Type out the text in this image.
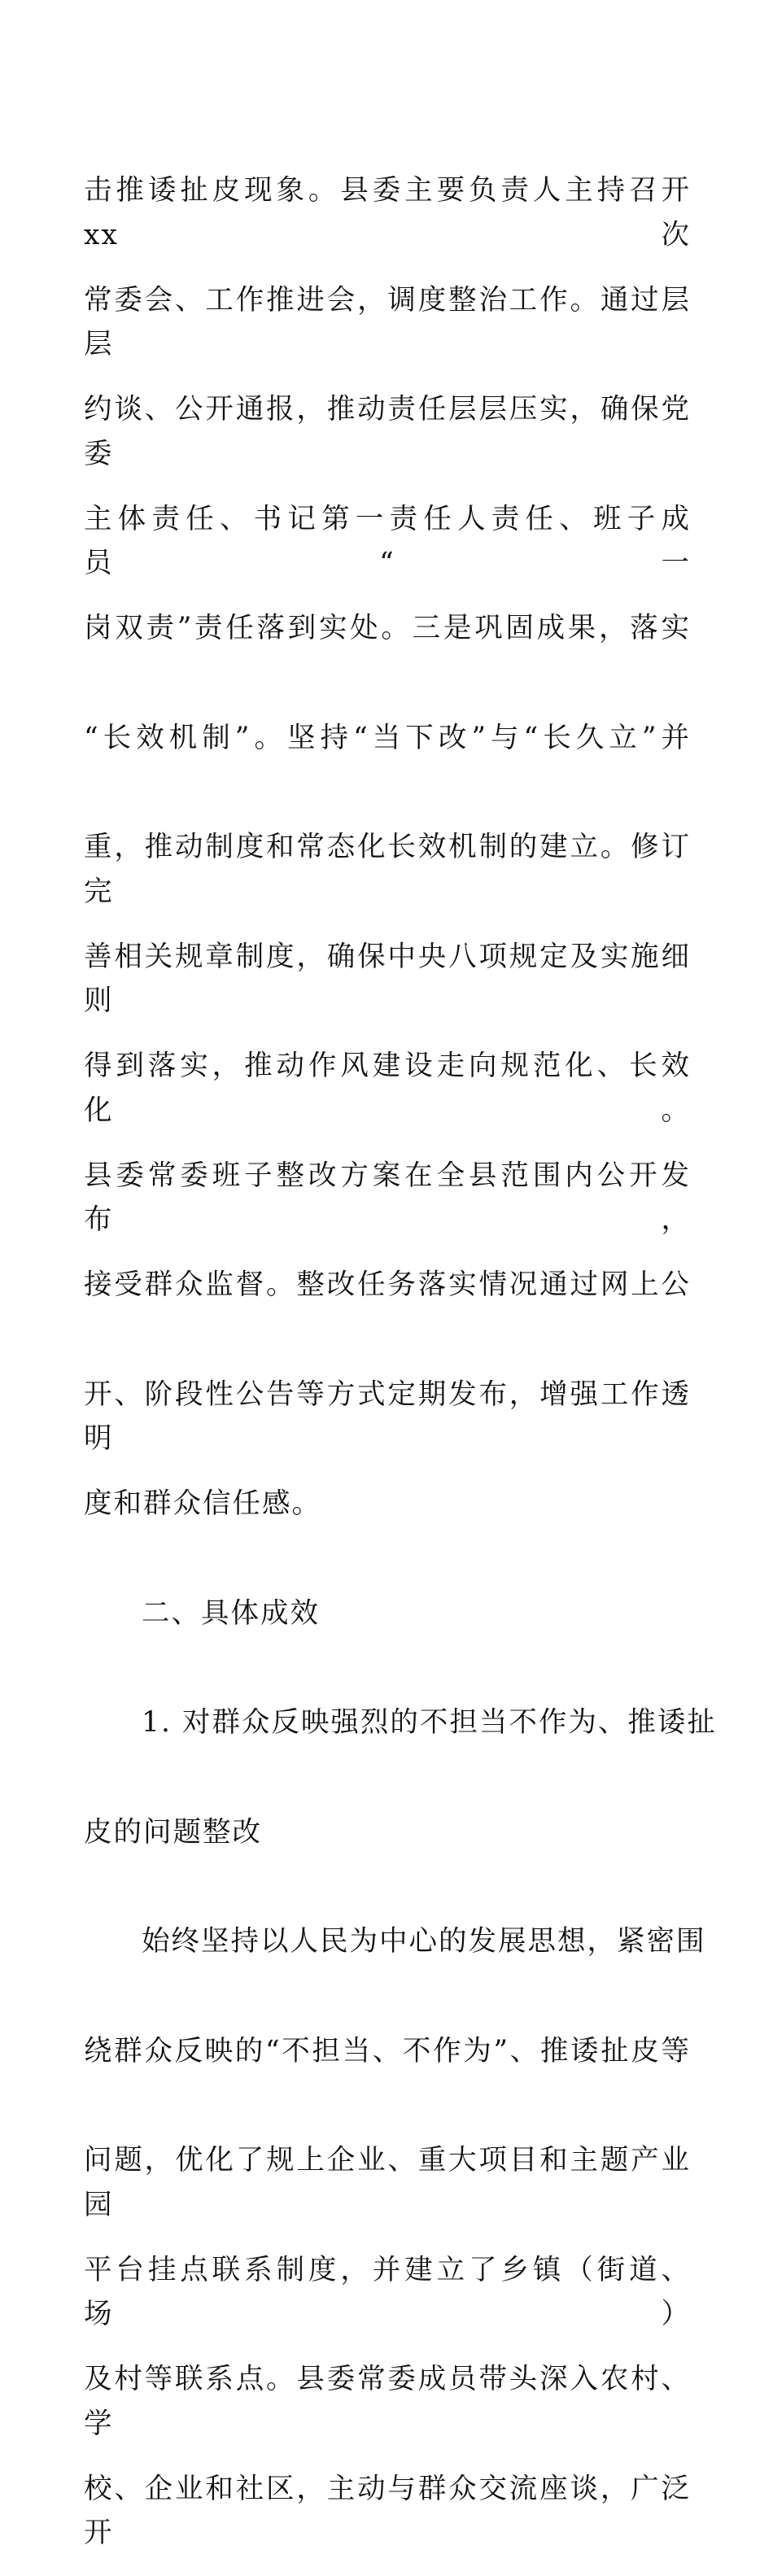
击推诿扯皮现象。县委主要负责人主持召开 xx 次

常委会、工作推进会，调度整治工作。通过层层

约谈、公开通报，推动责任层层压实，确保党委

主体责任、书记第一责任人责任、班子成员“一

岗双责”责任落到实处。三是巩固成果，落实

“长效机制”。坚持“当下改”与“长久立”并

重，推动制度和常态化长效机制的建立。修订完

善相关规章制度，确保中央八项规定及实施细则

得到落实，推动作风建设走向规范化、长效化。

县委常委班子整改方案在全县范围内公开发布，

接受群众监督。整改任务落实情况通过网上公

开、阶段性公告等方式定期发布，增强工作透明

度和群众信任感。

二、具体成效

1. 对群众反映强烈的不担当不作为、推诿扯

皮的问题整改

始终坚持以人民为中心的发展思想，紧密围

绕群众反映的“不担当、不作为”、推诿扯皮等

问题，优化了规上企业、重大项目和主题产业园

平台挂点联系制度，并建立了乡镇（街道、场）

及村等联系点。县委常委成员带头深入农村、学

校、企业和社区，主动与群众交流座谈，广泛开
